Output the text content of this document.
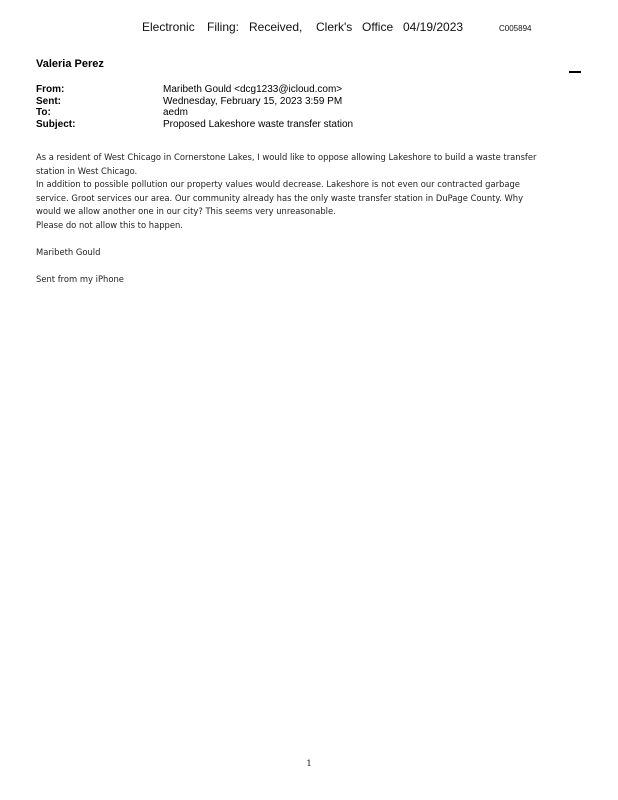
Electronic Filing: Received, Clerk's Office 04/19/2023	C005894
Valeria Perez
From:	Maribeth Gould <dcg1233@icloud.com>
Sent:	Wednesday, February 15, 2023 3:59 PM
To:	aedm
Subject:	Proposed Lakeshore waste transfer station

As a resident of West Chicago in Cornerstone Lakes, I would like to oppose allowing Lakeshore to build a waste transfer

station in West Chicago.

In addition to possible pollution our property values would decrease. Lakeshore is not even our contracted garbage

service. Groot services our area. Our community already has the only waste transfer station in DuPage County. Why

would we allow another one in our city? This seems very unreasonable.

Please do not allow this to happen.

Maribeth Gould

Sent from my iPhone

1
